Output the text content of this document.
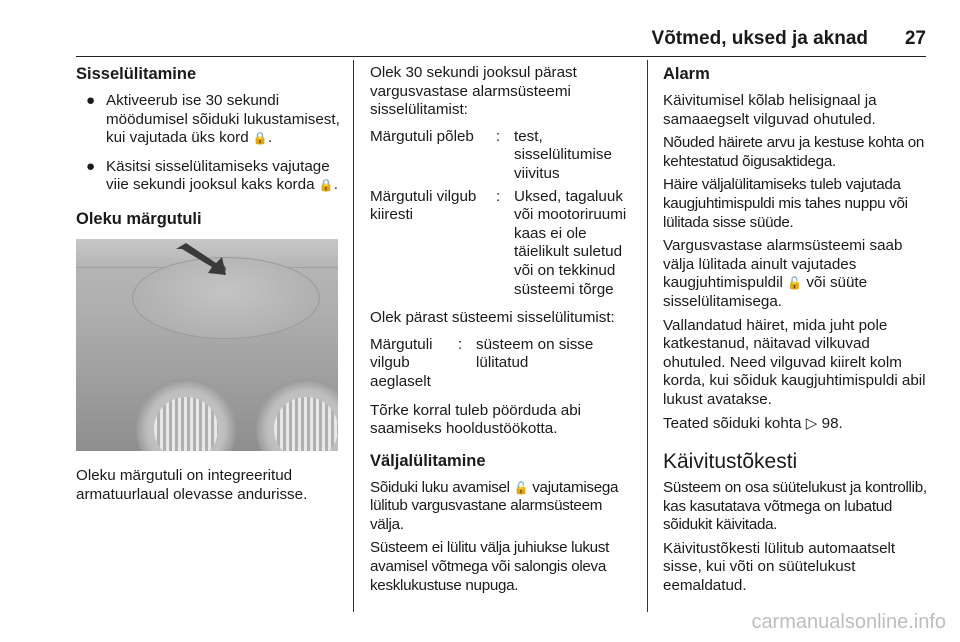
Võtmed, uksed ja aknad 27
Sisselülitamine
● Aktiveerub ise 30 sekundi möödumisel sõiduki lukustamisest, kui vajutada üks kord 🔒.
● Käsitsi sisselülitamiseks vajutage viie sekundi jooksul kaks korda 🔒.
Oleku märgutuli

Oleku märgutuli on integreeritud armatuurlaual olevasse andurisse.

Olek 30 sekundi jooksul pärast vargusvastase alarmsüsteemi sisselülitamist:

Märgutuli põleb	: test, sisselülitumise viivitus
Märgutuli vilgub kiiresti
: Uksed, tagaluuk või mootoriruumi kaas ei ole täielikult suletud või on tekkinud süsteemi tõrge

Olek pärast süsteemi sisselülitumist:

Märgutuli vilgub aeglaselt
: süsteem on sisse lülitatud

Tõrke korral tuleb pöörduda abi saamiseks hooldustöökotta.

Väljalülitamine

Sõiduki luku avamisel 🔓 vajutamisega lülitub vargusvastane alarmsüsteem välja.

Süsteem ei lülitu välja juhiukse lukust avamisel võtmega või salongis oleva kesklukustuse nupuga.

Alarm

Käivitumisel kõlab helisignaal ja samaaegselt vilguvad ohutuled.

Nõuded häirete arvu ja kestuse kohta on kehtestatud õigusaktidega.

Häire väljalülitamiseks tuleb vajutada kaugjuhtimispuldi mis tahes nuppu või lülitada sisse süüde.

Vargusvastase alarmsüsteemi saab välja lülitada ainult vajutades kaugjuhtimispuldil 🔓 või süüte sisselülitamisega.

Vallandatud häiret, mida juht pole katkestanud, näitavad vilkuvad ohutuled. Need vilguvad kiirelt kolm korda, kui sõiduk kaugjuhtimispuldi abil lukust avatakse.

Teated sõiduki kohta ▷ 98.

Käivitustõkesti

Süsteem on osa süütelukust ja kontrollib, kas kasutatava võtmega on lubatud sõidukit käivitada.

Käivitustõkesti lülitub automaatselt sisse, kui võti on süütelukust eemaldatud.

carmanualsonline.info
